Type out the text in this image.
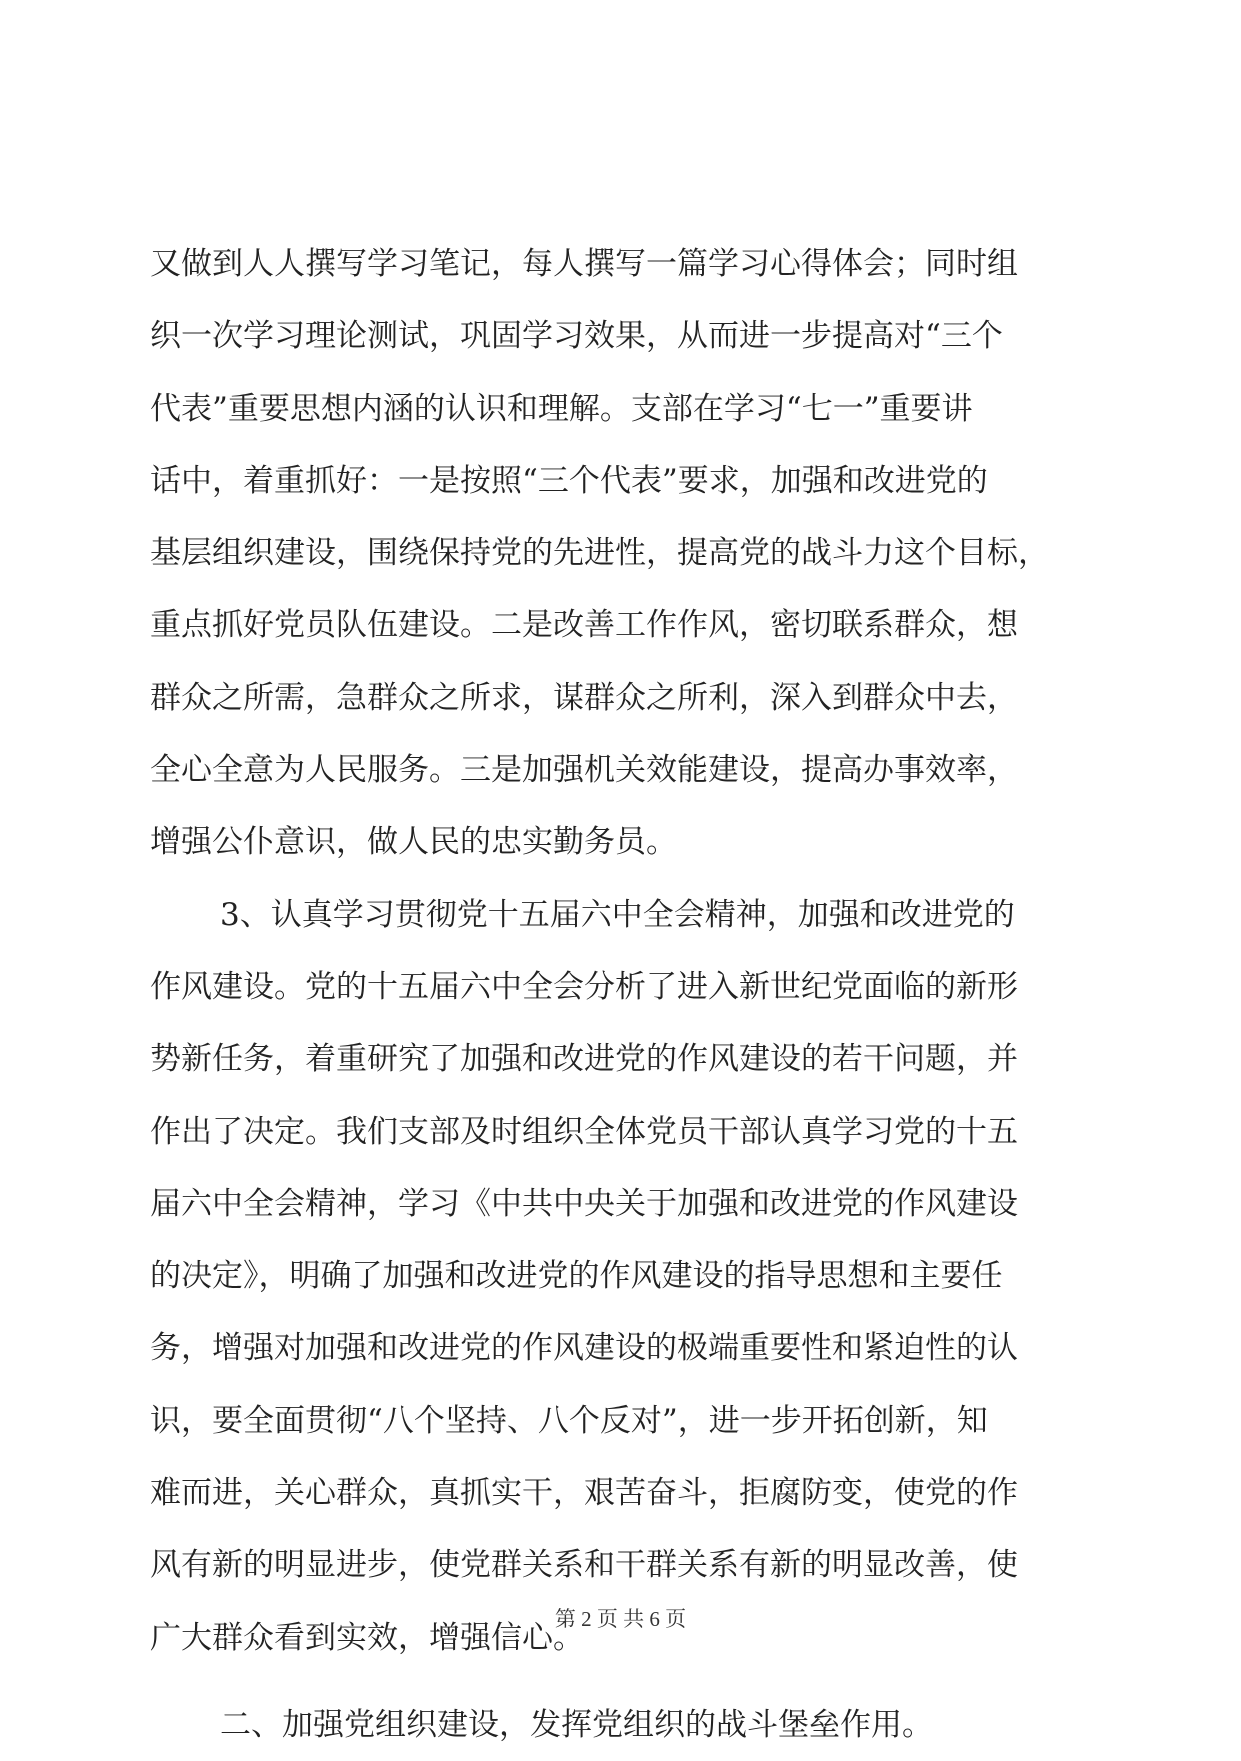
又做到人人撰写学习笔记，每人撰写一篇学习心得体会；同时组
织一次学习理论测试，巩固学习效果，从而进一步提高对“三个
代表”重要思想内涵的认识和理解。支部在学习“七一”重要讲
话中，着重抓好：一是按照“三个代表”要求，加强和改进党的
基层组织建设，围绕保持党的先进性，提高党的战斗力这个目标，
重点抓好党员队伍建设。二是改善工作作风，密切联系群众，想
群众之所需，急群众之所求，谋群众之所利，深入到群众中去，
全心全意为人民服务。三是加强机关效能建设，提高办事效率，
增强公仆意识，做人民的忠实勤务员。
3、认真学习贯彻党十五届六中全会精神，加强和改进党的
作风建设。党的十五届六中全会分析了进入新世纪党面临的新形
势新任务，着重研究了加强和改进党的作风建设的若干问题，并
作出了决定。我们支部及时组织全体党员干部认真学习党的十五
届六中全会精神，学习《中共中央关于加强和改进党的作风建设
的决定》，明确了加强和改进党的作风建设的指导思想和主要任
务，增强对加强和改进党的作风建设的极端重要性和紧迫性的认
识，要全面贯彻“八个坚持、八个反对”，进一步开拓创新，知
难而进，关心群众，真抓实干，艰苦奋斗，拒腐防变，使党的作
风有新的明显进步，使党群关系和干群关系有新的明显改善，使
广大群众看到实效，增强信心。
二、加强党组织建设，发挥党组织的战斗堡垒作用。
第 2 页 共 6 页
